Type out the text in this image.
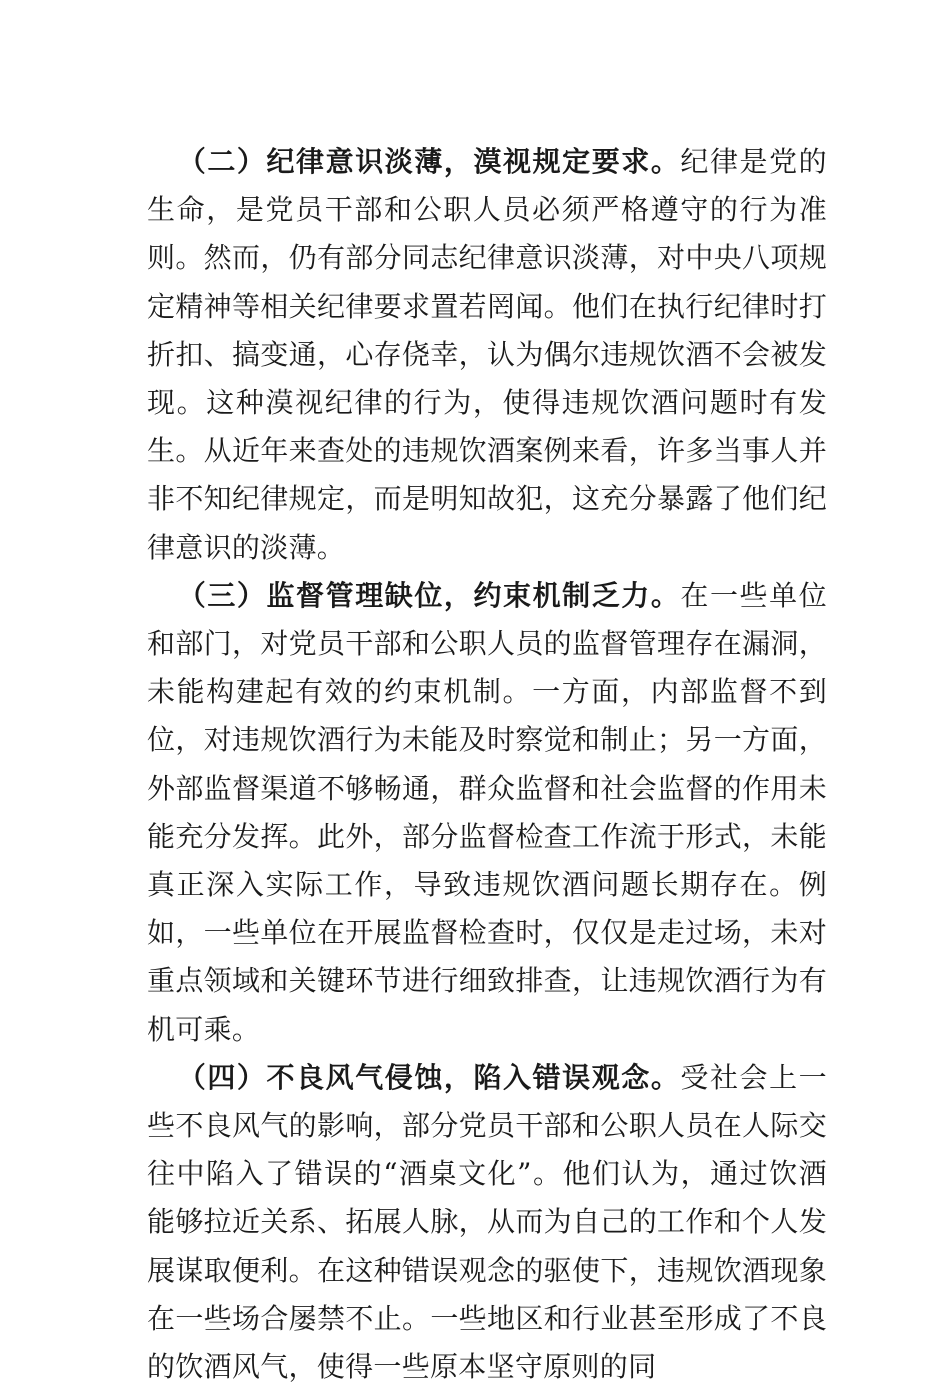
（二）纪律意识淡薄，漠视规定要求。纪律是党的生命，是党员干部和公职人员必须严格遵守的行为准则。然而，仍有部分同志纪律意识淡薄，对中央八项规定精神等相关纪律要求置若罔闻。他们在执行纪律时打折扣、搞变通，心存侥幸，认为偶尔违规饮酒不会被发现。这种漠视纪律的行为，使得违规饮酒问题时有发生。从近年来查处的违规饮酒案例来看，许多当事人并非不知纪律规定，而是明知故犯，这充分暴露了他们纪律意识的淡薄。

（三）监督管理缺位，约束机制乏力。在一些单位和部门，对党员干部和公职人员的监督管理存在漏洞，未能构建起有效的约束机制。一方面，内部监督不到位，对违规饮酒行为未能及时察觉和制止；另一方面，外部监督渠道不够畅通，群众监督和社会监督的作用未能充分发挥。此外，部分监督检查工作流于形式，未能真正深入实际工作，导致违规饮酒问题长期存在。例如，一些单位在开展监督检查时，仅仅是走过场，未对重点领域和关键环节进行细致排查，让违规饮酒行为有机可乘。

（四）不良风气侵蚀，陷入错误观念。受社会上一些不良风气的影响，部分党员干部和公职人员在人际交往中陷入了错误的“酒桌文化”。他们认为，通过饮酒能够拉近关系、拓展人脉，从而为自己的工作和个人发展谋取便利。在这种错误观念的驱使下，违规饮酒现象在一些场合屡禁不止。一些地区和行业甚至形成了不良的饮酒风气，使得一些原本坚守原则的同
